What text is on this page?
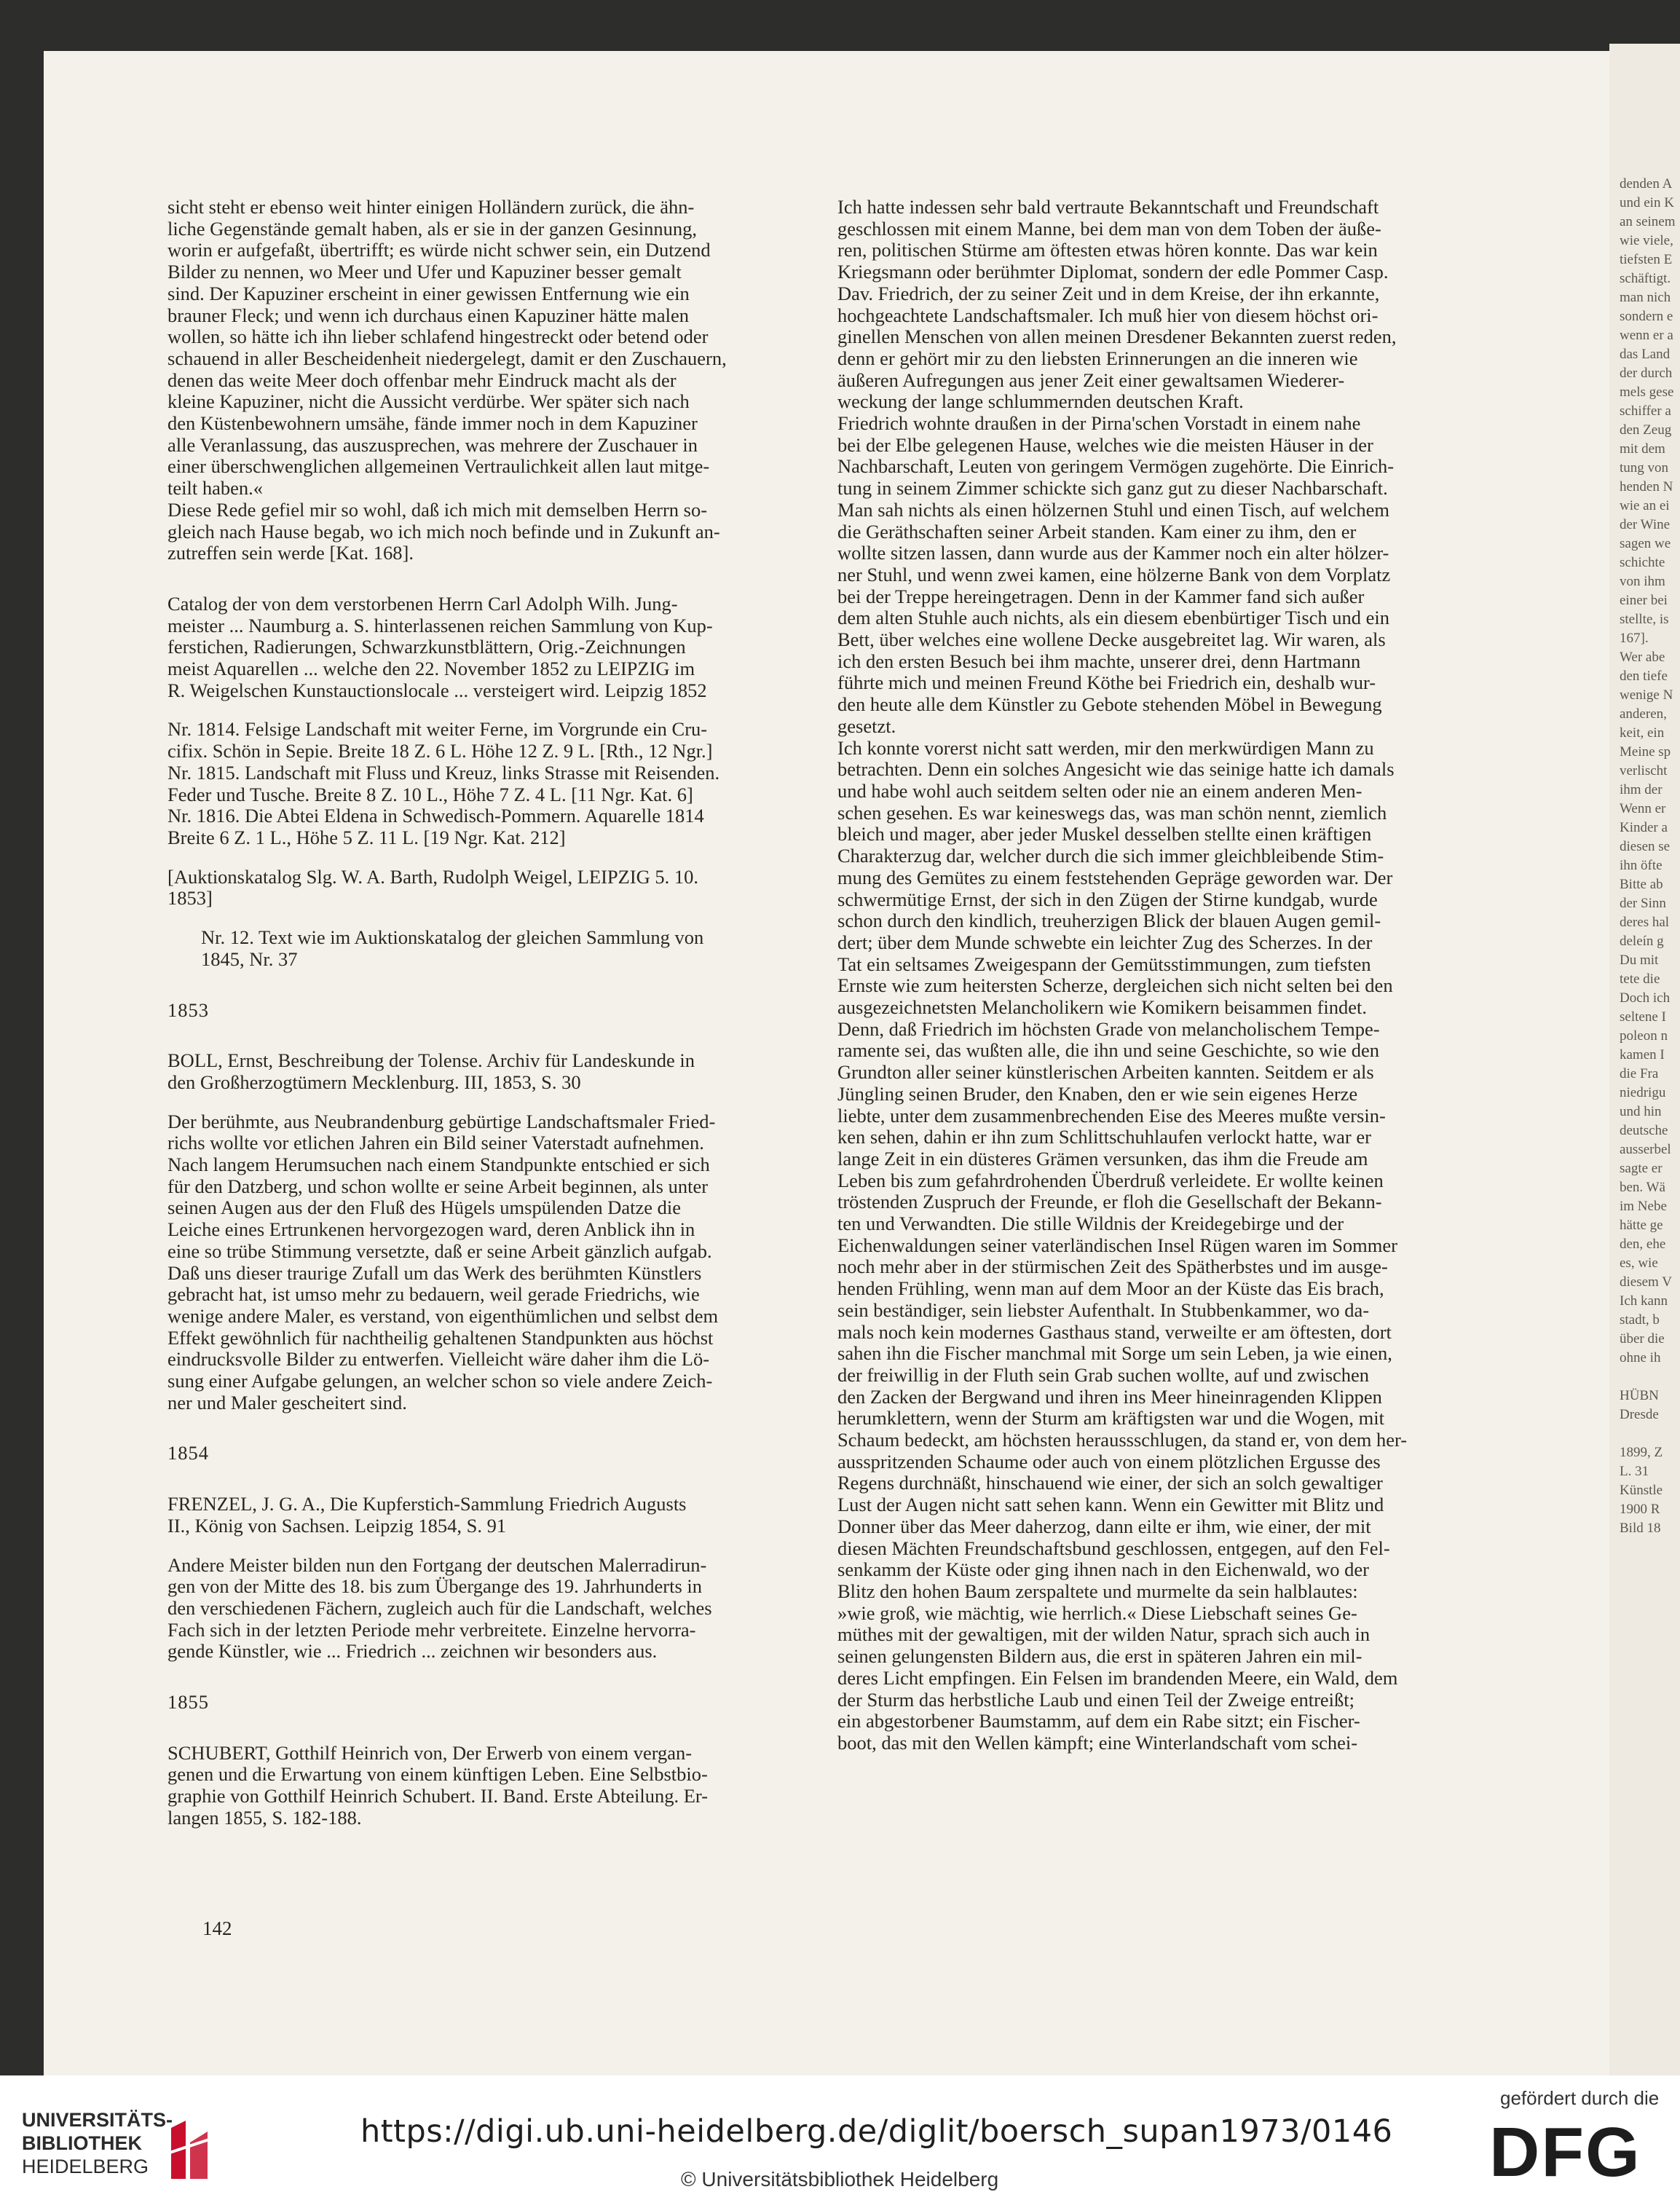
sicht steht er ebenso weit hinter einigen Holländern zurück, die ähn-
liche Gegenstände gemalt haben, als er sie in der ganzen Gesinnung,
worin er aufgefaßt, übertrifft; es würde nicht schwer sein, ein Dutzend
Bilder zu nennen, wo Meer und Ufer und Kapuziner besser gemalt
sind. Der Kapuziner erscheint in einer gewissen Entfernung wie ein
brauner Fleck; und wenn ich durchaus einen Kapuziner hätte malen
wollen, so hätte ich ihn lieber schlafend hingestreckt oder betend oder
schauend in aller Bescheidenheit niedergelegt, damit er den Zuschauern,
denen das weite Meer doch offenbar mehr Eindruck macht als der
kleine Kapuziner, nicht die Aussicht verdürbe. Wer später sich nach
den Küstenbewohnern umsähe, fände immer noch in dem Kapuziner
alle Veranlassung, das auszusprechen, was mehrere der Zuschauer in
einer überschwenglichen allgemeinen Vertraulichkeit allen laut mitge-
teilt haben.«

Diese Rede gefiel mir so wohl, daß ich mich mit demselben Herrn so-
gleich nach Hause begab, wo ich mich noch befinde und in Zukunft an-
zutreffen sein werde [Kat. 168].

Catalog der von dem verstorbenen Herrn Carl Adolph Wilh. Jung-
meister ... Naumburg a. S. hinterlassenen reichen Sammlung von Kup-
ferstichen, Radierungen, Schwarzkunstblättern, Orig.-Zeichnungen
meist Aquarellen ... welche den 22. November 1852 zu LEIPZIG im
R. Weigelschen Kunstauctionslocale ... versteigert wird. Leipzig 1852

Nr. 1814. Felsige Landschaft mit weiter Ferne, im Vorgrunde ein Cru-
cifix. Schön in Sepie. Breite 18 Z. 6 L. Höhe 12 Z. 9 L. [Rth., 12 Ngr.]
Nr. 1815. Landschaft mit Fluss und Kreuz, links Strasse mit Reisenden.
Feder und Tusche. Breite 8 Z. 10 L., Höhe 7 Z. 4 L. [11 Ngr. Kat. 6]
Nr. 1816. Die Abtei Eldena in Schwedisch-Pommern. Aquarelle 1814
Breite 6 Z. 1 L., Höhe 5 Z. 11 L. [19 Ngr. Kat. 212]

[Auktionskatalog Slg. W. A. Barth, Rudolph Weigel, LEIPZIG 5. 10.
1853]

Nr. 12. Text wie im Auktionskatalog der gleichen Sammlung von
1845, Nr. 37

1853

BOLL, Ernst, Beschreibung der Tolense. Archiv für Landeskunde in
den Großherzogtümern Mecklenburg. III, 1853, S. 30

Der berühmte, aus Neubrandenburg gebürtige Landschaftsmaler Fried-
richs wollte vor etlichen Jahren ein Bild seiner Vaterstadt aufnehmen.
Nach langem Herumsuchen nach einem Standpunkte entschied er sich
für den Datzberg, und schon wollte er seine Arbeit beginnen, als unter
seinen Augen aus der den Fluß des Hügels umspülenden Datze die
Leiche eines Ertrunkenen hervorgezogen ward, deren Anblick ihn in
eine so trübe Stimmung versetzte, daß er seine Arbeit gänzlich aufgab.
Daß uns dieser traurige Zufall um das Werk des berühmten Künstlers
gebracht hat, ist umso mehr zu bedauern, weil gerade Friedrichs, wie
wenige andere Maler, es verstand, von eigenthümlichen und selbst dem
Effekt gewöhnlich für nachtheilig gehaltenen Standpunkten aus höchst
eindrucksvolle Bilder zu entwerfen. Vielleicht wäre daher ihm die Lö-
sung einer Aufgabe gelungen, an welcher schon so viele andere Zeich-
ner und Maler gescheitert sind.

1854

FRENZEL, J. G. A., Die Kupferstich-Sammlung Friedrich Augusts
II., König von Sachsen. Leipzig 1854, S. 91

Andere Meister bilden nun den Fortgang der deutschen Malerradirun-
gen von der Mitte des 18. bis zum Übergange des 19. Jahrhunderts in
den verschiedenen Fächern, zugleich auch für die Landschaft, welches
Fach sich in der letzten Periode mehr verbreitete. Einzelne hervorra-
gende Künstler, wie ... Friedrich ... zeichnen wir besonders aus.

1855

SCHUBERT, Gotthilf Heinrich von, Der Erwerb von einem vergan-
genen und die Erwartung von einem künftigen Leben. Eine Selbstbio-
graphie von Gotthilf Heinrich Schubert. II. Band. Erste Abteilung. Er-
langen 1855, S. 182-188.

Ich hatte indessen sehr bald vertraute Bekanntschaft und Freundschaft
geschlossen mit einem Manne, bei dem man von dem Toben der äuße-
ren, politischen Stürme am öftesten etwas hören konnte. Das war kein
Kriegsmann oder berühmter Diplomat, sondern der edle Pommer Casp.
Dav. Friedrich, der zu seiner Zeit und in dem Kreise, der ihn erkannte,
hochgeachtete Landschaftsmaler. Ich muß hier von diesem höchst ori-
ginellen Menschen von allen meinen Dresdener Bekannten zuerst reden,
denn er gehört mir zu den liebsten Erinnerungen an die inneren wie
äußeren Aufregungen aus jener Zeit einer gewaltsamen Wiederer-
weckung der lange schlummernden deutschen Kraft.

Friedrich wohnte draußen in der Pirna'schen Vorstadt in einem nahe
bei der Elbe gelegenen Hause, welches wie die meisten Häuser in der
Nachbarschaft, Leuten von geringem Vermögen zugehörte. Die Einrich-
tung in seinem Zimmer schickte sich ganz gut zu dieser Nachbarschaft.
Man sah nichts als einen hölzernen Stuhl und einen Tisch, auf welchem
die Geräthschaften seiner Arbeit standen. Kam einer zu ihm, den er
wollte sitzen lassen, dann wurde aus der Kammer noch ein alter hölzer-
ner Stuhl, und wenn zwei kamen, eine hölzerne Bank von dem Vorplatz
bei der Treppe hereingetragen. Denn in der Kammer fand sich außer
dem alten Stuhle auch nichts, als ein diesem ebenbürtiger Tisch und ein
Bett, über welches eine wollene Decke ausgebreitet lag. Wir waren, als
ich den ersten Besuch bei ihm machte, unserer drei, denn Hartmann
führte mich und meinen Freund Köthe bei Friedrich ein, deshalb wur-
den heute alle dem Künstler zu Gebote stehenden Möbel in Bewegung
gesetzt.

Ich konnte vorerst nicht satt werden, mir den merkwürdigen Mann zu
betrachten. Denn ein solches Angesicht wie das seinige hatte ich damals
und habe wohl auch seitdem selten oder nie an einem anderen Men-
schen gesehen. Es war keineswegs das, was man schön nennt, ziemlich
bleich und mager, aber jeder Muskel desselben stellte einen kräftigen
Charakterzug dar, welcher durch die sich immer gleichbleibende Stim-
mung des Gemütes zu einem feststehenden Gepräge geworden war. Der
schwermütige Ernst, der sich in den Zügen der Stirne kundgab, wurde
schon durch den kindlich, treuherzigen Blick der blauen Augen gemil-
dert; über dem Munde schwebte ein leichter Zug des Scherzes. In der
Tat ein seltsames Zweigespann der Gemütsstimmungen, zum tiefsten
Ernste wie zum heitersten Scherze, dergleichen sich nicht selten bei den
ausgezeichnetsten Melancholikern wie Komikern beisammen findet.
Denn, daß Friedrich im höchsten Grade von melancholischem Tempe-
ramente sei, das wußten alle, die ihn und seine Geschichte, so wie den
Grundton aller seiner künstlerischen Arbeiten kannten. Seitdem er als
Jüngling seinen Bruder, den Knaben, den er wie sein eigenes Herze
liebte, unter dem zusammenbrechenden Eise des Meeres mußte versin-
ken sehen, dahin er ihn zum Schlittschuhlaufen verlockt hatte, war er
lange Zeit in ein düsteres Grämen versunken, das ihm die Freude am
Leben bis zum gefahrdrohenden Überdruß verleidete. Er wollte keinen
tröstenden Zuspruch der Freunde, er floh die Gesellschaft der Bekann-
ten und Verwandten. Die stille Wildnis der Kreidegebirge und der
Eichenwaldungen seiner vaterländischen Insel Rügen waren im Sommer
noch mehr aber in der stürmischen Zeit des Spätherbstes und im ausge-
henden Frühling, wenn man auf dem Moor an der Küste das Eis brach,
sein beständiger, sein liebster Aufenthalt. In Stubbenkammer, wo da-
mals noch kein modernes Gasthaus stand, verweilte er am öftesten, dort
sahen ihn die Fischer manchmal mit Sorge um sein Leben, ja wie einen,
der freiwillig in der Fluth sein Grab suchen wollte, auf und zwischen
den Zacken der Bergwand und ihren ins Meer hineinragenden Klippen
herumklettern, wenn der Sturm am kräftigsten war und die Wogen, mit
Schaum bedeckt, am höchsten heraussschlugen, da stand er, von dem her-
ausspritzenden Schaume oder auch von einem plötzlichen Ergusse des
Regens durchnäßt, hinschauend wie einer, der sich an solch gewaltiger
Lust der Augen nicht satt sehen kann. Wenn ein Gewitter mit Blitz und
Donner über das Meer daherzog, dann eilte er ihm, wie einer, der mit
diesen Mächten Freundschaftsbund geschlossen, entgegen, auf den Fel-
senkamm der Küste oder ging ihnen nach in den Eichenwald, wo der
Blitz den hohen Baum zerspaltete und murmelte da sein halblautes:
»wie groß, wie mächtig, wie herrlich.« Diese Liebschaft seines Ge-
müthes mit der gewaltigen, mit der wilden Natur, sprach sich auch in
seinen gelungensten Bildern aus, die erst in späteren Jahren ein mil-
deres Licht empfingen. Ein Felsen im brandenden Meere, ein Wald, dem
der Sturm das herbstliche Laub und einen Teil der Zweige entreißt;
ein abgestorbener Baumstamm, auf dem ein Rabe sitzt; ein Fischer-
boot, das mit den Wellen kämpft; eine Winterlandschaft vom schei-

142
denden A
und ein K
an seinem
wie viele,
tiefsten E
schäftigt.
man nich
sondern e
wenn er a
das Land
der durch
mels gese
schiffer a
den Zeug
mit dem
tung von
henden N
wie an ei
der Wine
sagen we
schichte
von ihm
einer bei
stellte, is
167].
Wer abe
den tiefe
wenige N
anderen,
keit, ein
Meine sp
verlischt
ihm der
Wenn er
Kinder a
diesen se
ihn öfte
Bitte ab
der Sinn
deres hal
deleín g
Du mit
tete die
Doch ich
seltene I
poleon n
kamen I
die Fra
niedrigu
und hin
deutsche
ausserbel
sagte er
ben. Wä
im Nebe
hätte ge
den, ehe
es, wie
diesem V
Ich kann
stadt, b
über die
ohne ih

HÜBN
Dresde

1899, Z
L. 31
Künstle
1900 R
Bild 18
UNIVERSITÄTS-
BIBLIOTHEK
HEIDELBERG
https://digi.ub.uni-heidelberg.de/diglit/boersch_supan1973/0146
© Universitätsbibliothek Heidelberg
gefördert durch die
DFG
